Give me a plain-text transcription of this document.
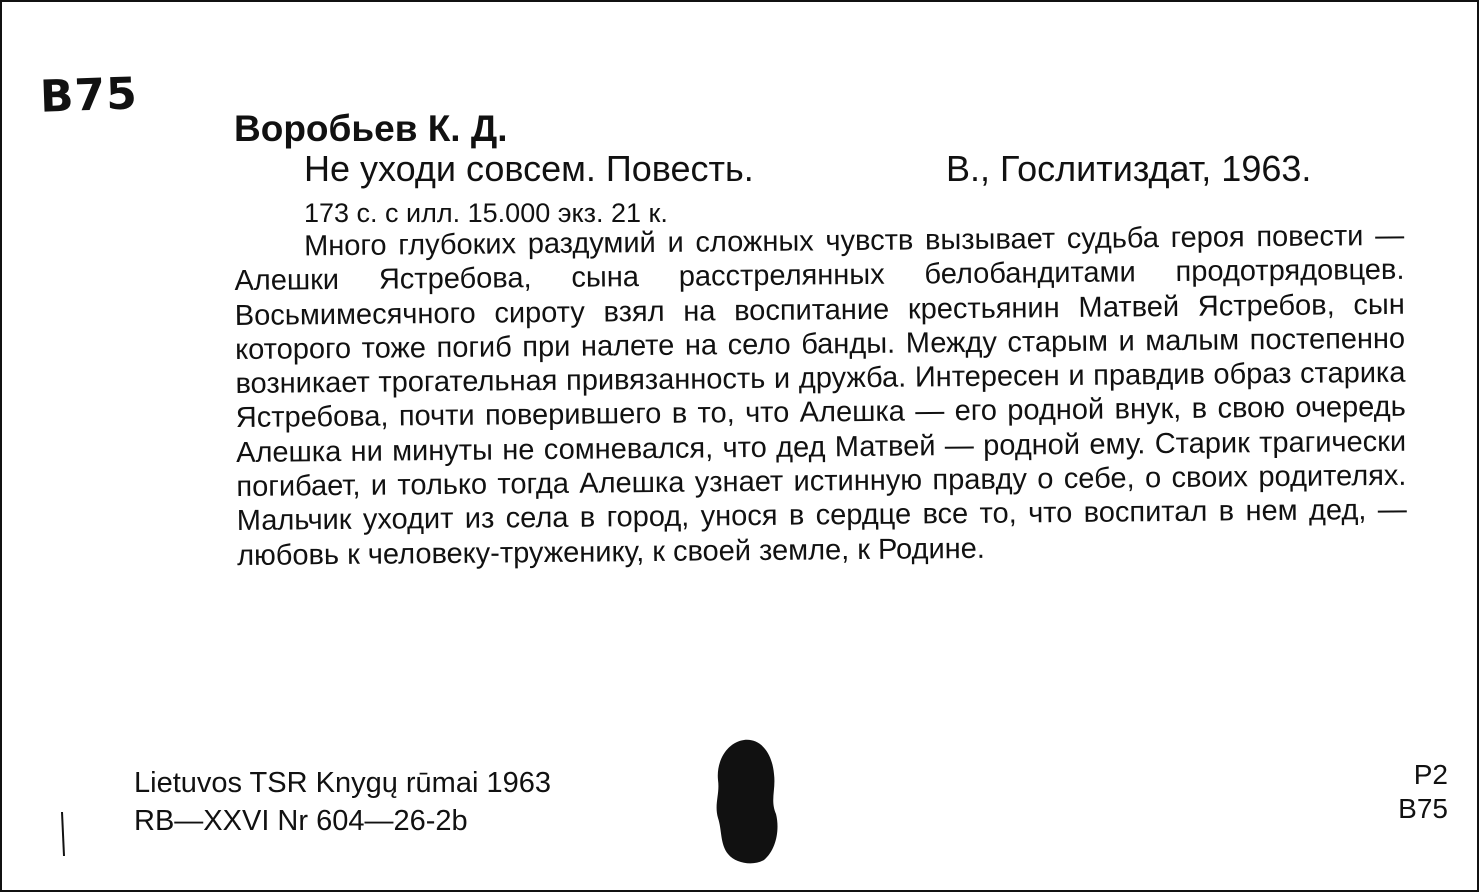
B75
Воробьев К. Д.
Не уходи совсем. Повесть.	В., Гослитиздат, 1963.
173 с. с илл. 15.000 экз. 21 к.
Много глубоких раздумий и сложных чувств вызывает судьба героя повести — Алешки Ястребова, сына расстрелянных белобандитами продотрядовцев. Восьмимесячного сироту взял на воспитание крестьянин Матвей Ястребов, сын которого тоже погиб при налете на село банды. Между старым и малым постепенно возникает трогательная привязанность и дружба. Интересен и правдив образ старика Ястребова, почти поверившего в то, что Алешка — его родной внук, в свою очередь Алешка ни минуты не сомневался, что дед Матвей — родной ему. Старик трагически погибает, и только тогда Алешка узнает истинную правду о себе, о своих родителях. Мальчик уходит из села в город, унося в сердце все то, что воспитал в нем дед, — любовь к человеку-труженику, к своей земле, к Родине.
Lietuvos TSR Knygų rūmai 1963
RB—XXVI Nr 604—26-2b
Р2
В75
